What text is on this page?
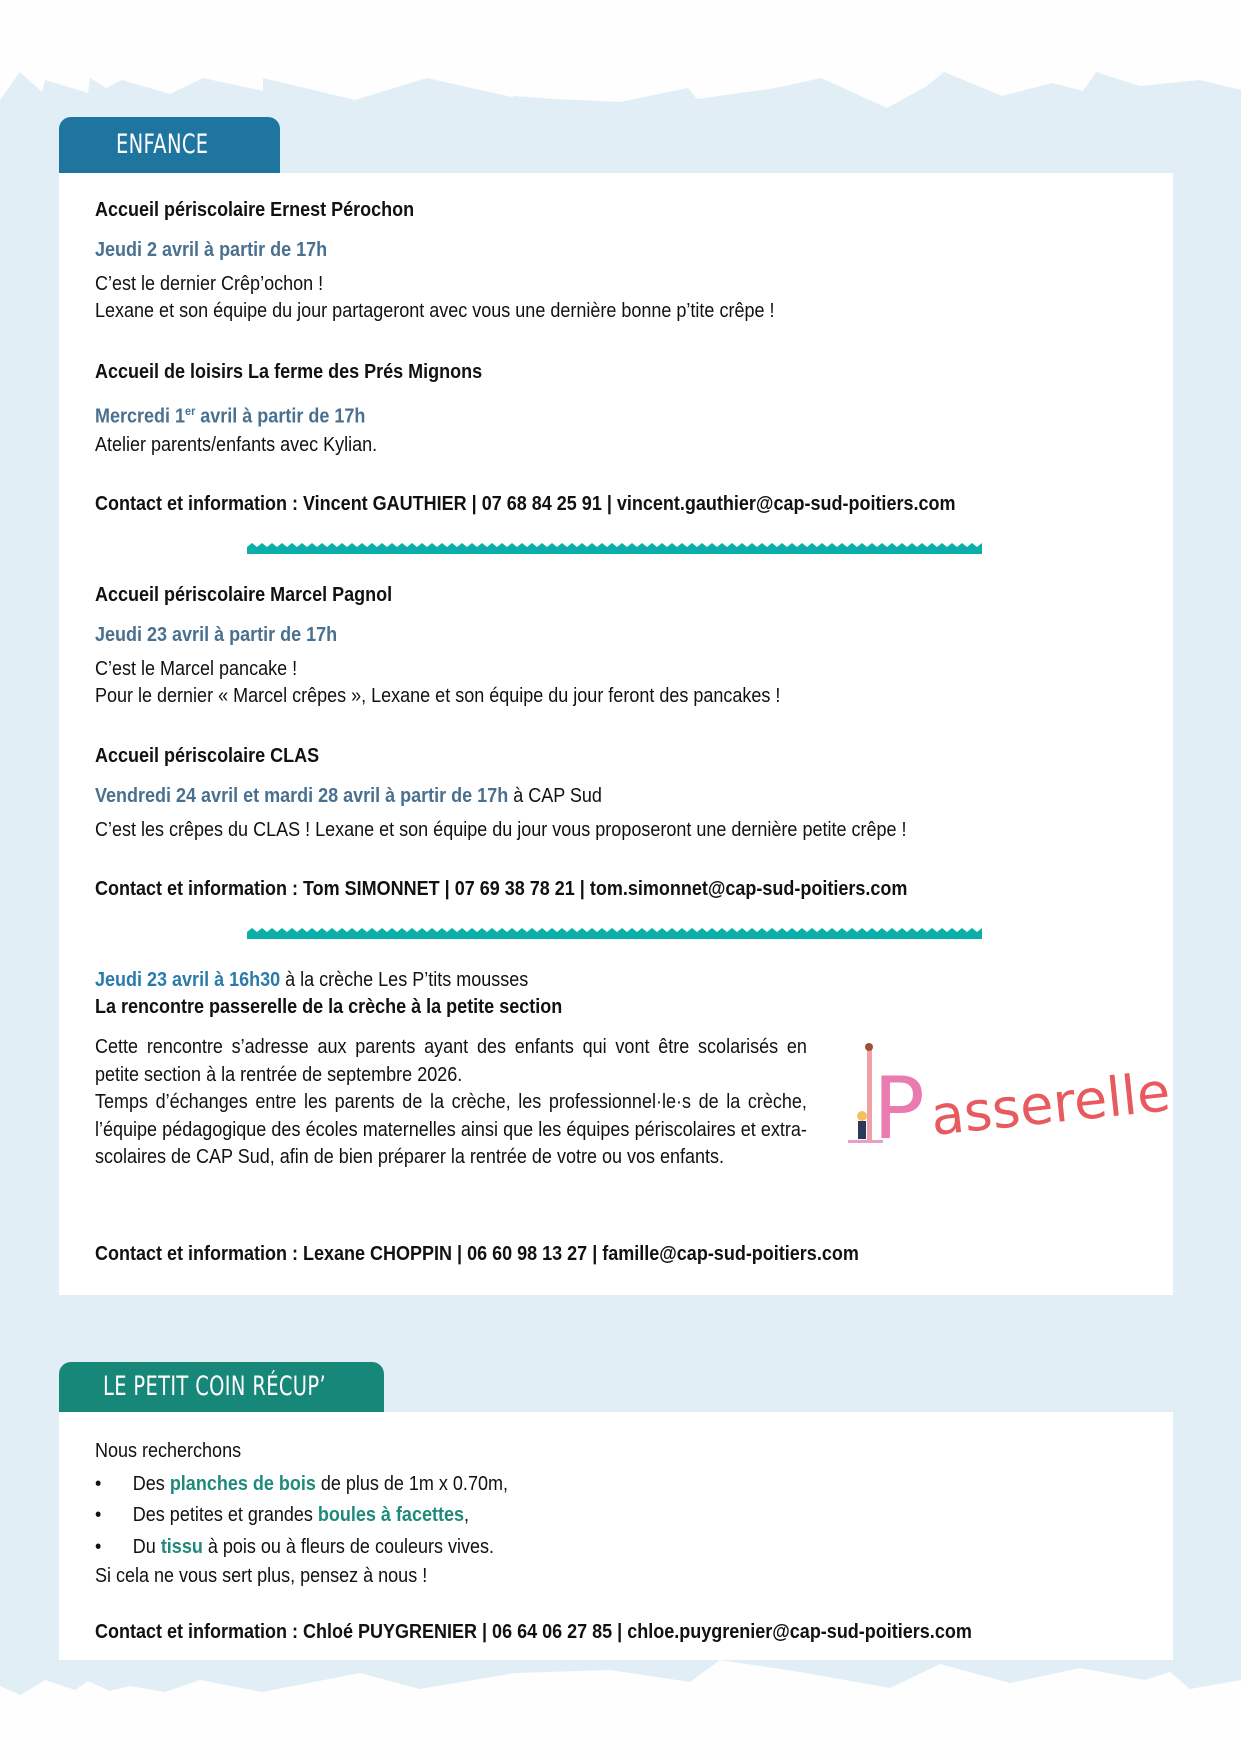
ENFANCE
Accueil périscolaire Ernest Pérochon
Jeudi 2 avril à partir de 17h
C’est le dernier Crêp’ochon !
Lexane et son équipe du jour partageront avec vous une dernière bonne p’tite crêpe !
Accueil de loisirs La ferme des Prés Mignons
Mercredi 1er avril à partir de 17h
Atelier parents/enfants avec Kylian.
Contact et information : Vincent GAUTHIER | 07 68 84 25 91 | vincent.gauthier@cap-sud-poitiers.com
Accueil périscolaire Marcel Pagnol
Jeudi 23 avril à partir de 17h
C’est le Marcel pancake !
Pour le dernier « Marcel crêpes », Lexane et son équipe du jour feront des pancakes !
Accueil périscolaire CLAS
Vendredi 24 avril et mardi 28 avril à partir de 17h à CAP Sud
C’est les crêpes du CLAS ! Lexane et son équipe du jour vous proposeront une dernière petite crêpe !
Contact et information : Tom SIMONNET | 07 69 38 78 21 | tom.simonnet@cap-sud-poitiers.com
Jeudi 23 avril à 16h30 à la crèche Les P’tits mousses
La rencontre passerelle de la crèche à la petite section

Cette rencontre s’adresse aux parents ayant des enfants qui vont être scolarisés en petite section à la rentrée de septembre 2026.

Temps d’échanges entre les parents de la crèche, les professionnel·le·s de la crèche, l’équipe pédagogique des écoles maternelles ainsi que les équipes périscolaires et extra-scolaires de CAP Sud, afin de bien préparer la rentrée de votre ou vos enfants.	P asserelle
Contact et information : Lexane CHOPPIN | 06 60 98 13 27 | famille@cap-sud-poitiers.com
LE PETIT COIN RÉCUP’
Nous recherchons
• Des planches de bois de plus de 1m x 0.70m,
• Des petites et grandes boules à facettes,
• Du tissu à pois ou à fleurs de couleurs vives.
Si cela ne vous sert plus, pensez à nous !
Contact et information : Chloé PUYGRENIER | 06 64 06 27 85 | chloe.puygrenier@cap-sud-poitiers.com
